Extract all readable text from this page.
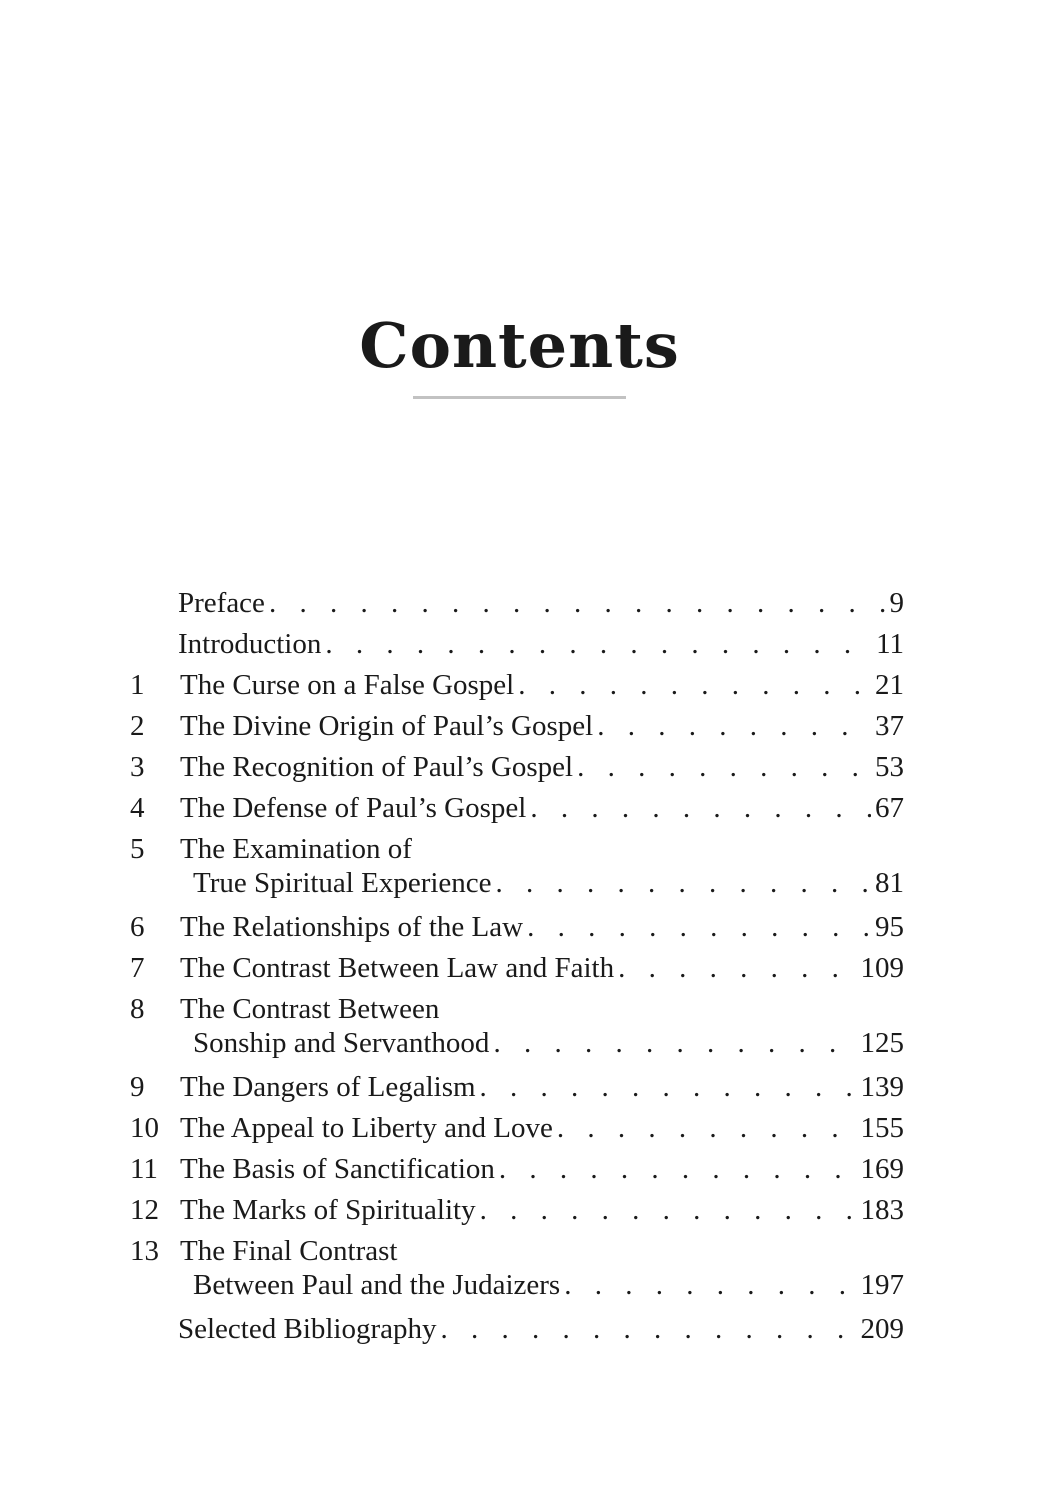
Contents
Preface . . .	9
Introduction . . .	11
1	The Curse on a False Gospel . . .	21
2	The Divine Origin of Paul’s Gospel . . .	37
3	The Recognition of Paul’s Gospel . . .	53
4	The Defense of Paul’s Gospel . . .	67
5	The Examination of
True Spiritual Experience . . .	81
6	The Relationships of the Law . . .	95
7	The Contrast Between Law and Faith . . .	109
8	The Contrast Between
Sonship and Servanthood . . .	125
9	The Dangers of Legalism . . .	139
10 The Appeal to Liberty and Love . . .	155
11 The Basis of Sanctification . . .	169
12 The Marks of Spirituality . . .	183
13 The Final Contrast
Between Paul and the Judaizers . . .	197
Selected Bibliography . . .	209
